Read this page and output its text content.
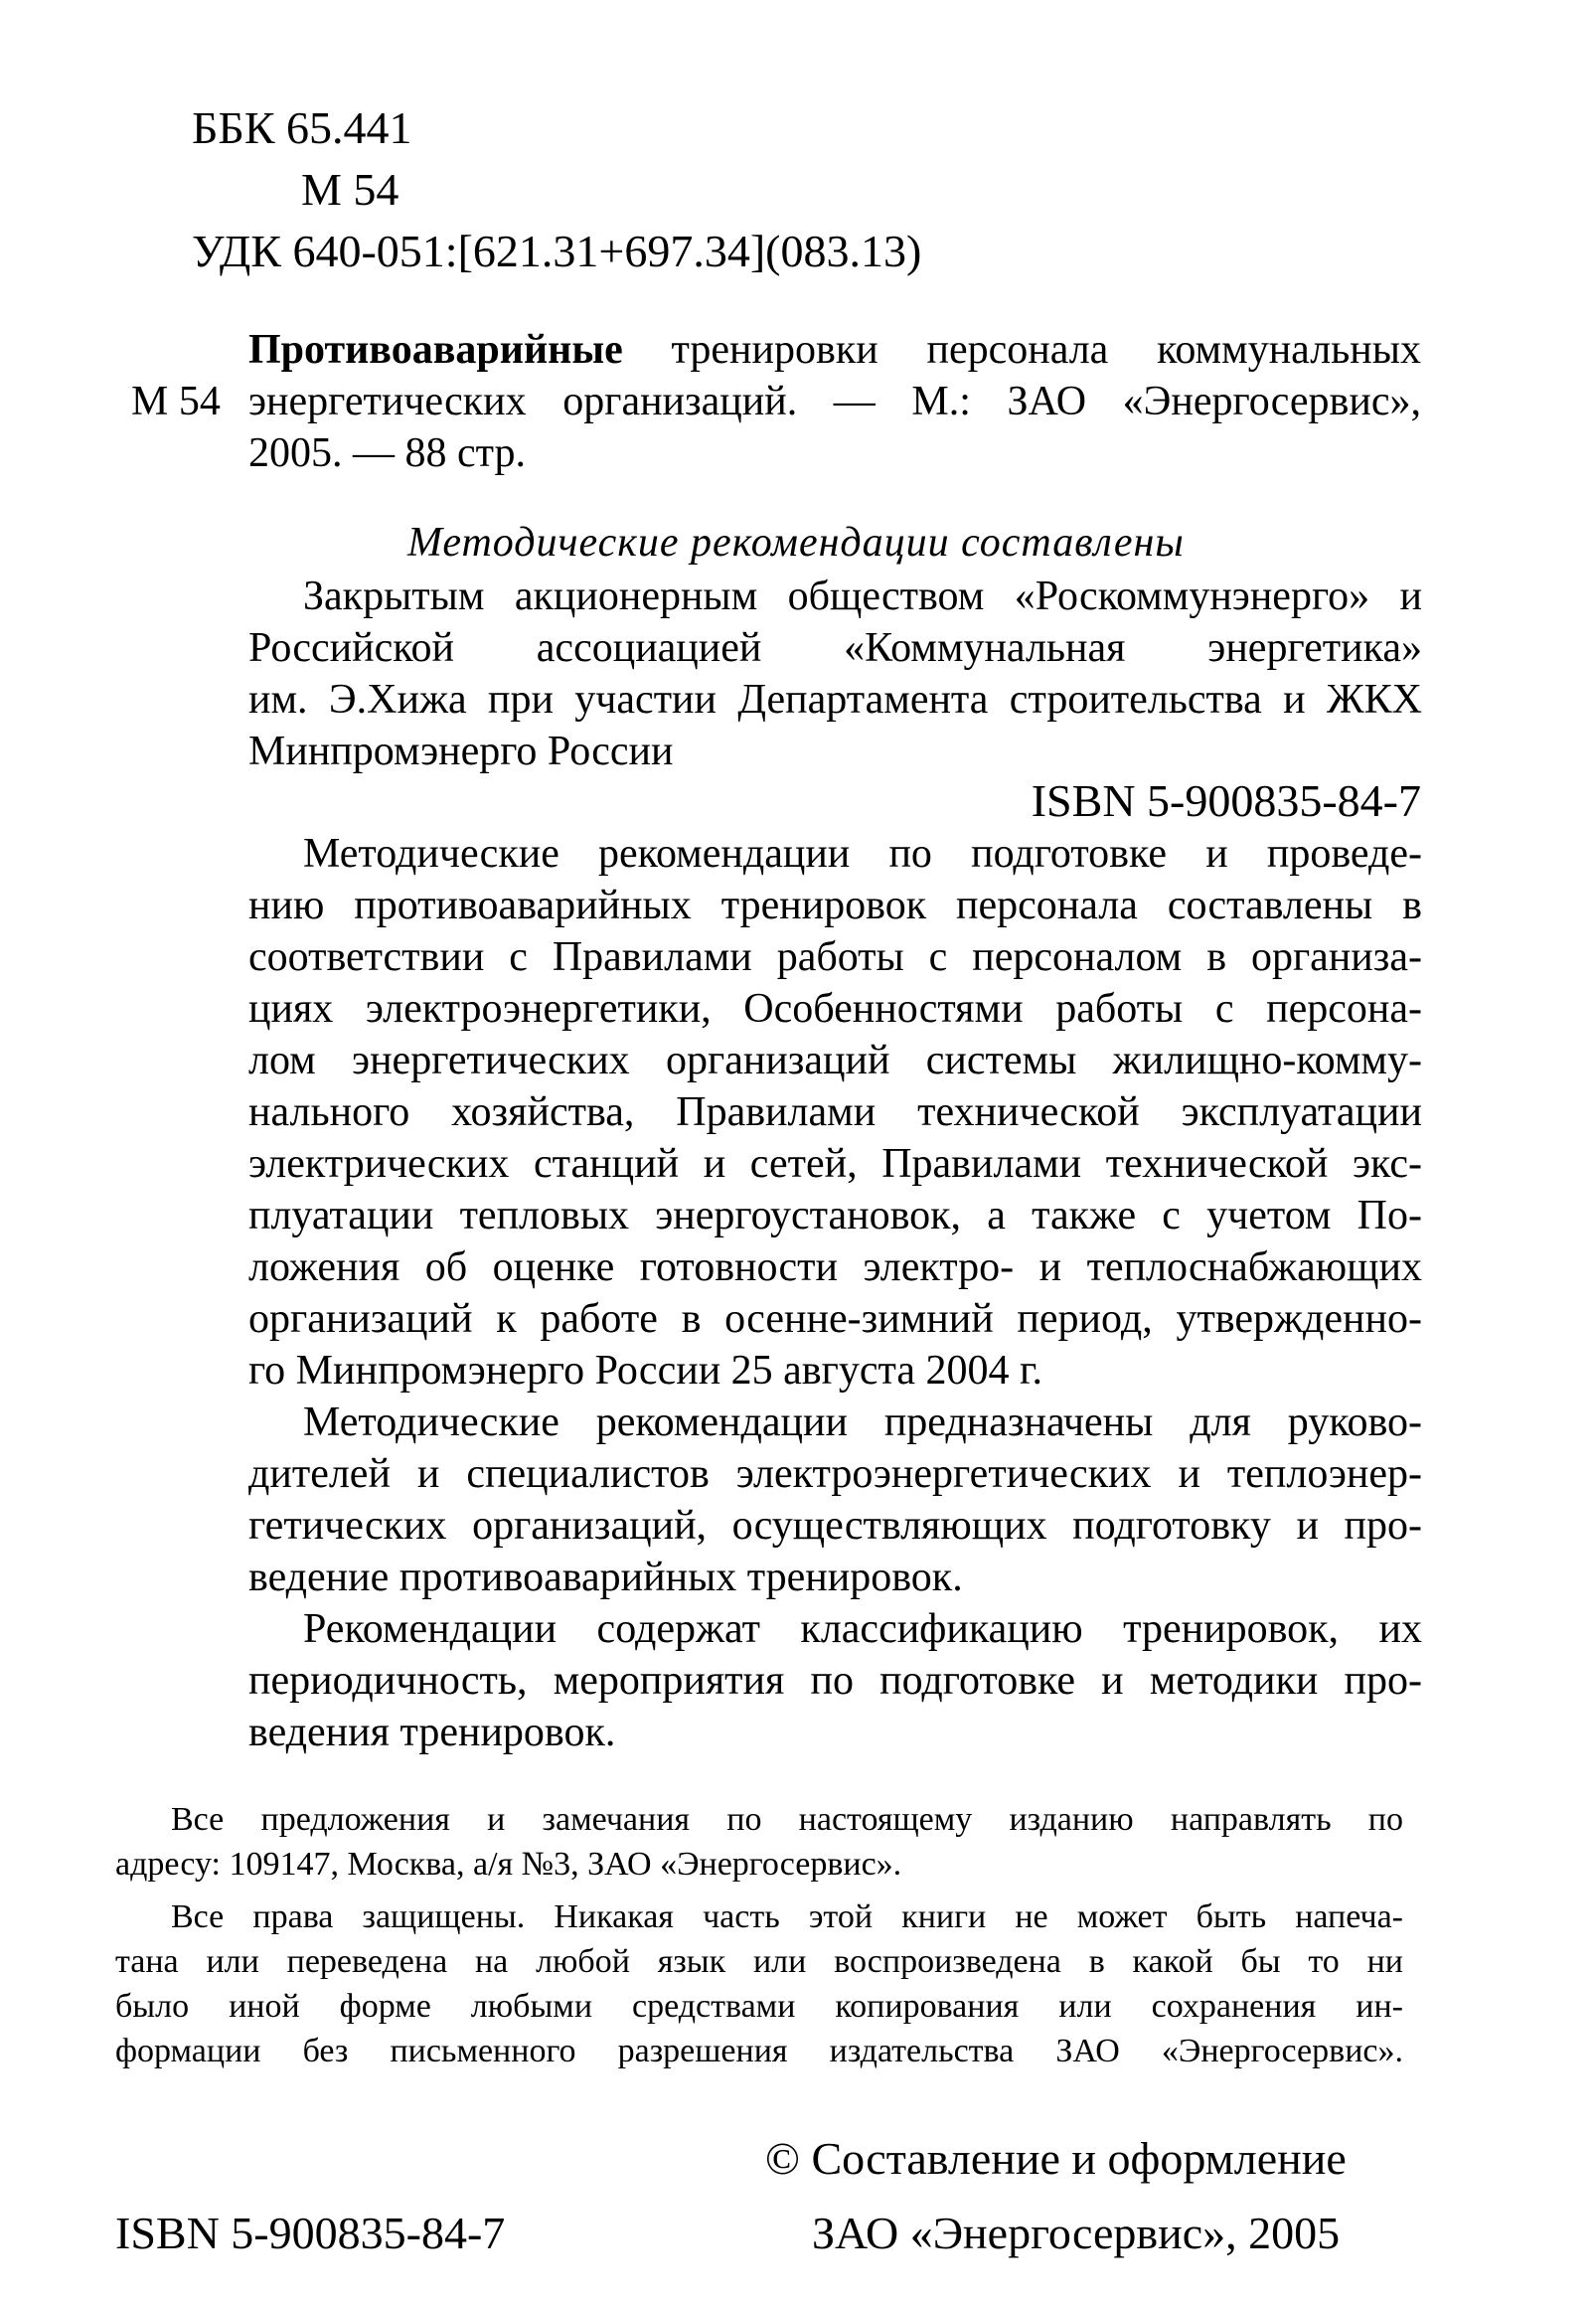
ББК 65.441
М 54
УДК 640-051:[621.31+697.34](083.13)
Противоаварийные тренировки персонала коммунальных
М 54 энергетических организаций. — М.: ЗАО «Энергосервис»,
2005. — 88 стр.
Методические рекомендации составлены
Закрытым акционерным обществом «Роскоммунэнерго» и
Российской ассоциацией «Коммунальная энергетика»
им. Э.Хижа при участии Департамента строительства и ЖКХ
Минпромэнерго России
ISBN 5-900835-84-7
Методические рекомендации по подготовке и проведе-
нию противоаварийных тренировок персонала составлены в
соответствии с Правилами работы с персоналом в организа-
циях электроэнергетики, Особенностями работы с персона-
лом энергетических организаций системы жилищно-комму-
нального хозяйства, Правилами технической эксплуатации
электрических станций и сетей, Правилами технической экс-
плуатации тепловых энергоустановок, а также с учетом По-
ложения об оценке готовности электро- и теплоснабжающих
организаций к работе в осенне-зимний период, утвержденно-
го Минпромэнерго России 25 августа 2004 г.
Методические рекомендации предназначены для руково-
дителей и специалистов электроэнергетических и теплоэнер-
гетических организаций, осуществляющих подготовку и про-
ведение противоаварийных тренировок.
Рекомендации содержат классификацию тренировок, их
периодичность, мероприятия по подготовке и методики про-
ведения тренировок.
Все предложения и замечания по настоящему изданию направлять по
адресу: 109147, Москва, а/я №3, ЗАО «Энергосервис».
Все права защищены. Никакая часть этой книги не может быть напеча-
тана или переведена на любой язык или воспроизведена в какой бы то ни
было иной форме любыми средствами копирования или сохранения ин-
формации без письменного разрешения издательства ЗАО «Энергосервис».
© Составление и оформление
ISBN 5-900835-84-7	ЗАО «Энергосервис», 2005
